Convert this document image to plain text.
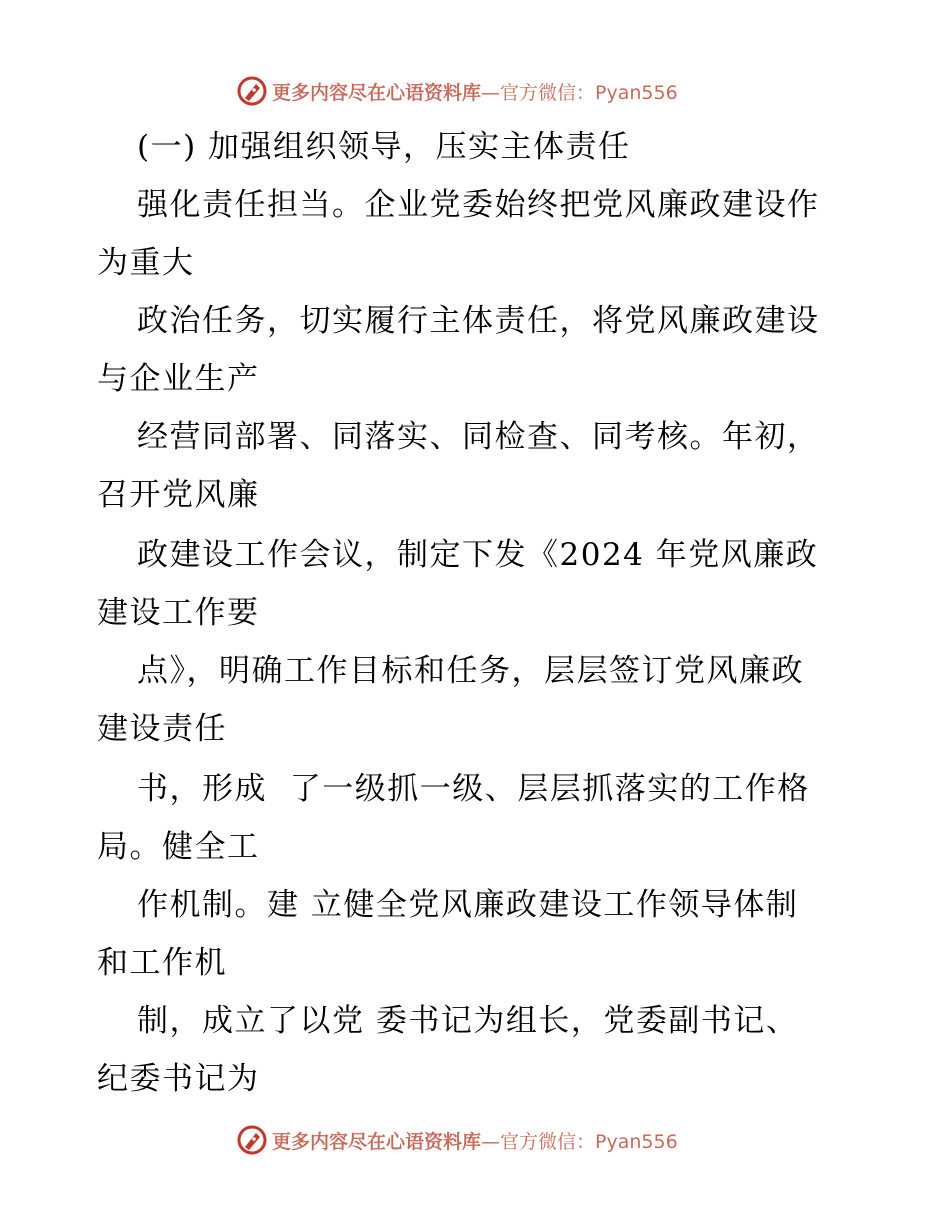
更多内容尽在心语资料库 —官方微信：Pyan556
(一) 加强组织领导，压实主体责任
强化责任担当。企业党委始终把党风廉政建设作
为重大
政治任务，切实履行主体责任，将党风廉政建设
与企业生产
经营同部署、同落实、同检查、同考核。年初，
召开党风廉
政建设工作会议，制定下发《2024 年党风廉政
建设工作要
点》，明确工作目标和任务，层层签订党风廉政
建设责任
书，形成  了一级抓一级、层层抓落实的工作格
局。健全工
作机制。建 立健全党风廉政建设工作领导体制
和工作机
制，成立了以党 委书记为组长，党委副书记、
纪委书记为
更多内容尽在心语资料库 —官方微信：Pyan556
